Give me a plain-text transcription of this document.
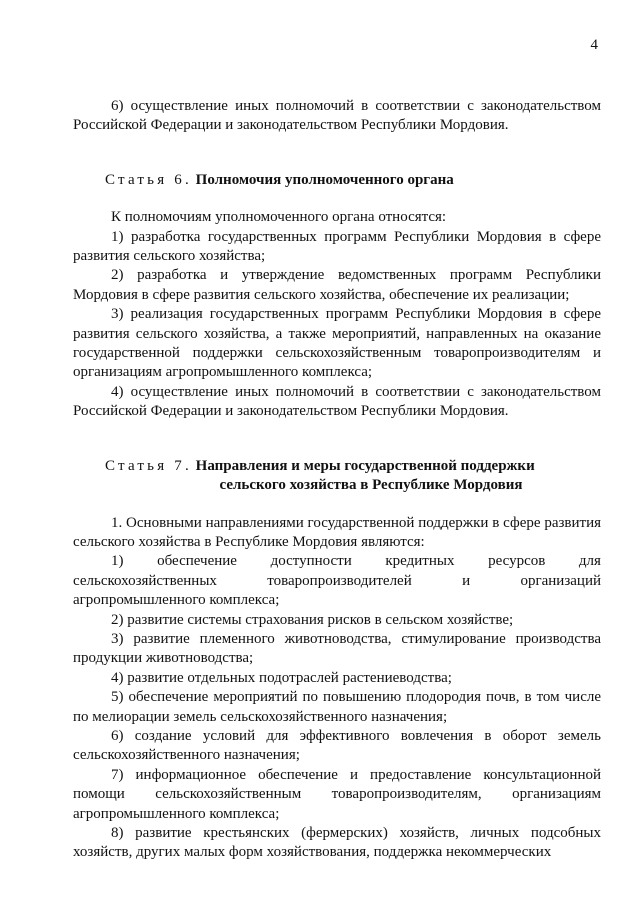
4

6) осуществление иных полномочий в соответствии с законодательством Российской Федерации и законодательством Республики Мордовия.

Статья 6. Полномочия уполномоченного органа

К полномочиям уполномоченного органа относятся:

1) разработка государственных программ Республики Мордовия в сфере развития сельского хозяйства;

2) разработка и утверждение ведомственных программ Республики Мордовия в сфере развития сельского хозяйства, обеспечение их реализации;

3) реализация государственных программ Республики Мордовия в сфере развития сельского хозяйства, а также мероприятий, направленных на оказание государственной поддержки сельскохозяйственным товаропроизводителям и организациям агропромышленного комплекса;

4) осуществление иных полномочий в соответствии с законодательством Российской Федерации и законодательством Республики Мордовия.

Статья 7. Направления и меры государственной поддержки

сельского хозяйства в Республике Мордовия

1. Основными направлениями государственной поддержки в сфере развития сельского хозяйства в Республике Мордовия являются:

1) обеспечение доступности кредитных ресурсов для
сельскохозяйственных	товаропроизводителей	и	организаций

агропромышленного комплекса;

2) развитие системы страхования рисков в сельском хозяйстве;

3) развитие племенного животноводства, стимулирование производства продукции животноводства;

4) развитие отдельных подотраслей растениеводства;

5) обеспечение мероприятий по повышению плодородия почв, в том числе по мелиорации земель сельскохозяйственного назначения;

6) создание условий для эффективного вовлечения в оборот земель сельскохозяйственного назначения;

7) информационное обеспечение и предоставление консультационной помощи сельскохозяйственным товаропроизводителям, организациям агропромышленного комплекса;

8) развитие крестьянских (фермерских) хозяйств, личных подсобных хозяйств, других малых форм хозяйствования, поддержка некоммерческих
